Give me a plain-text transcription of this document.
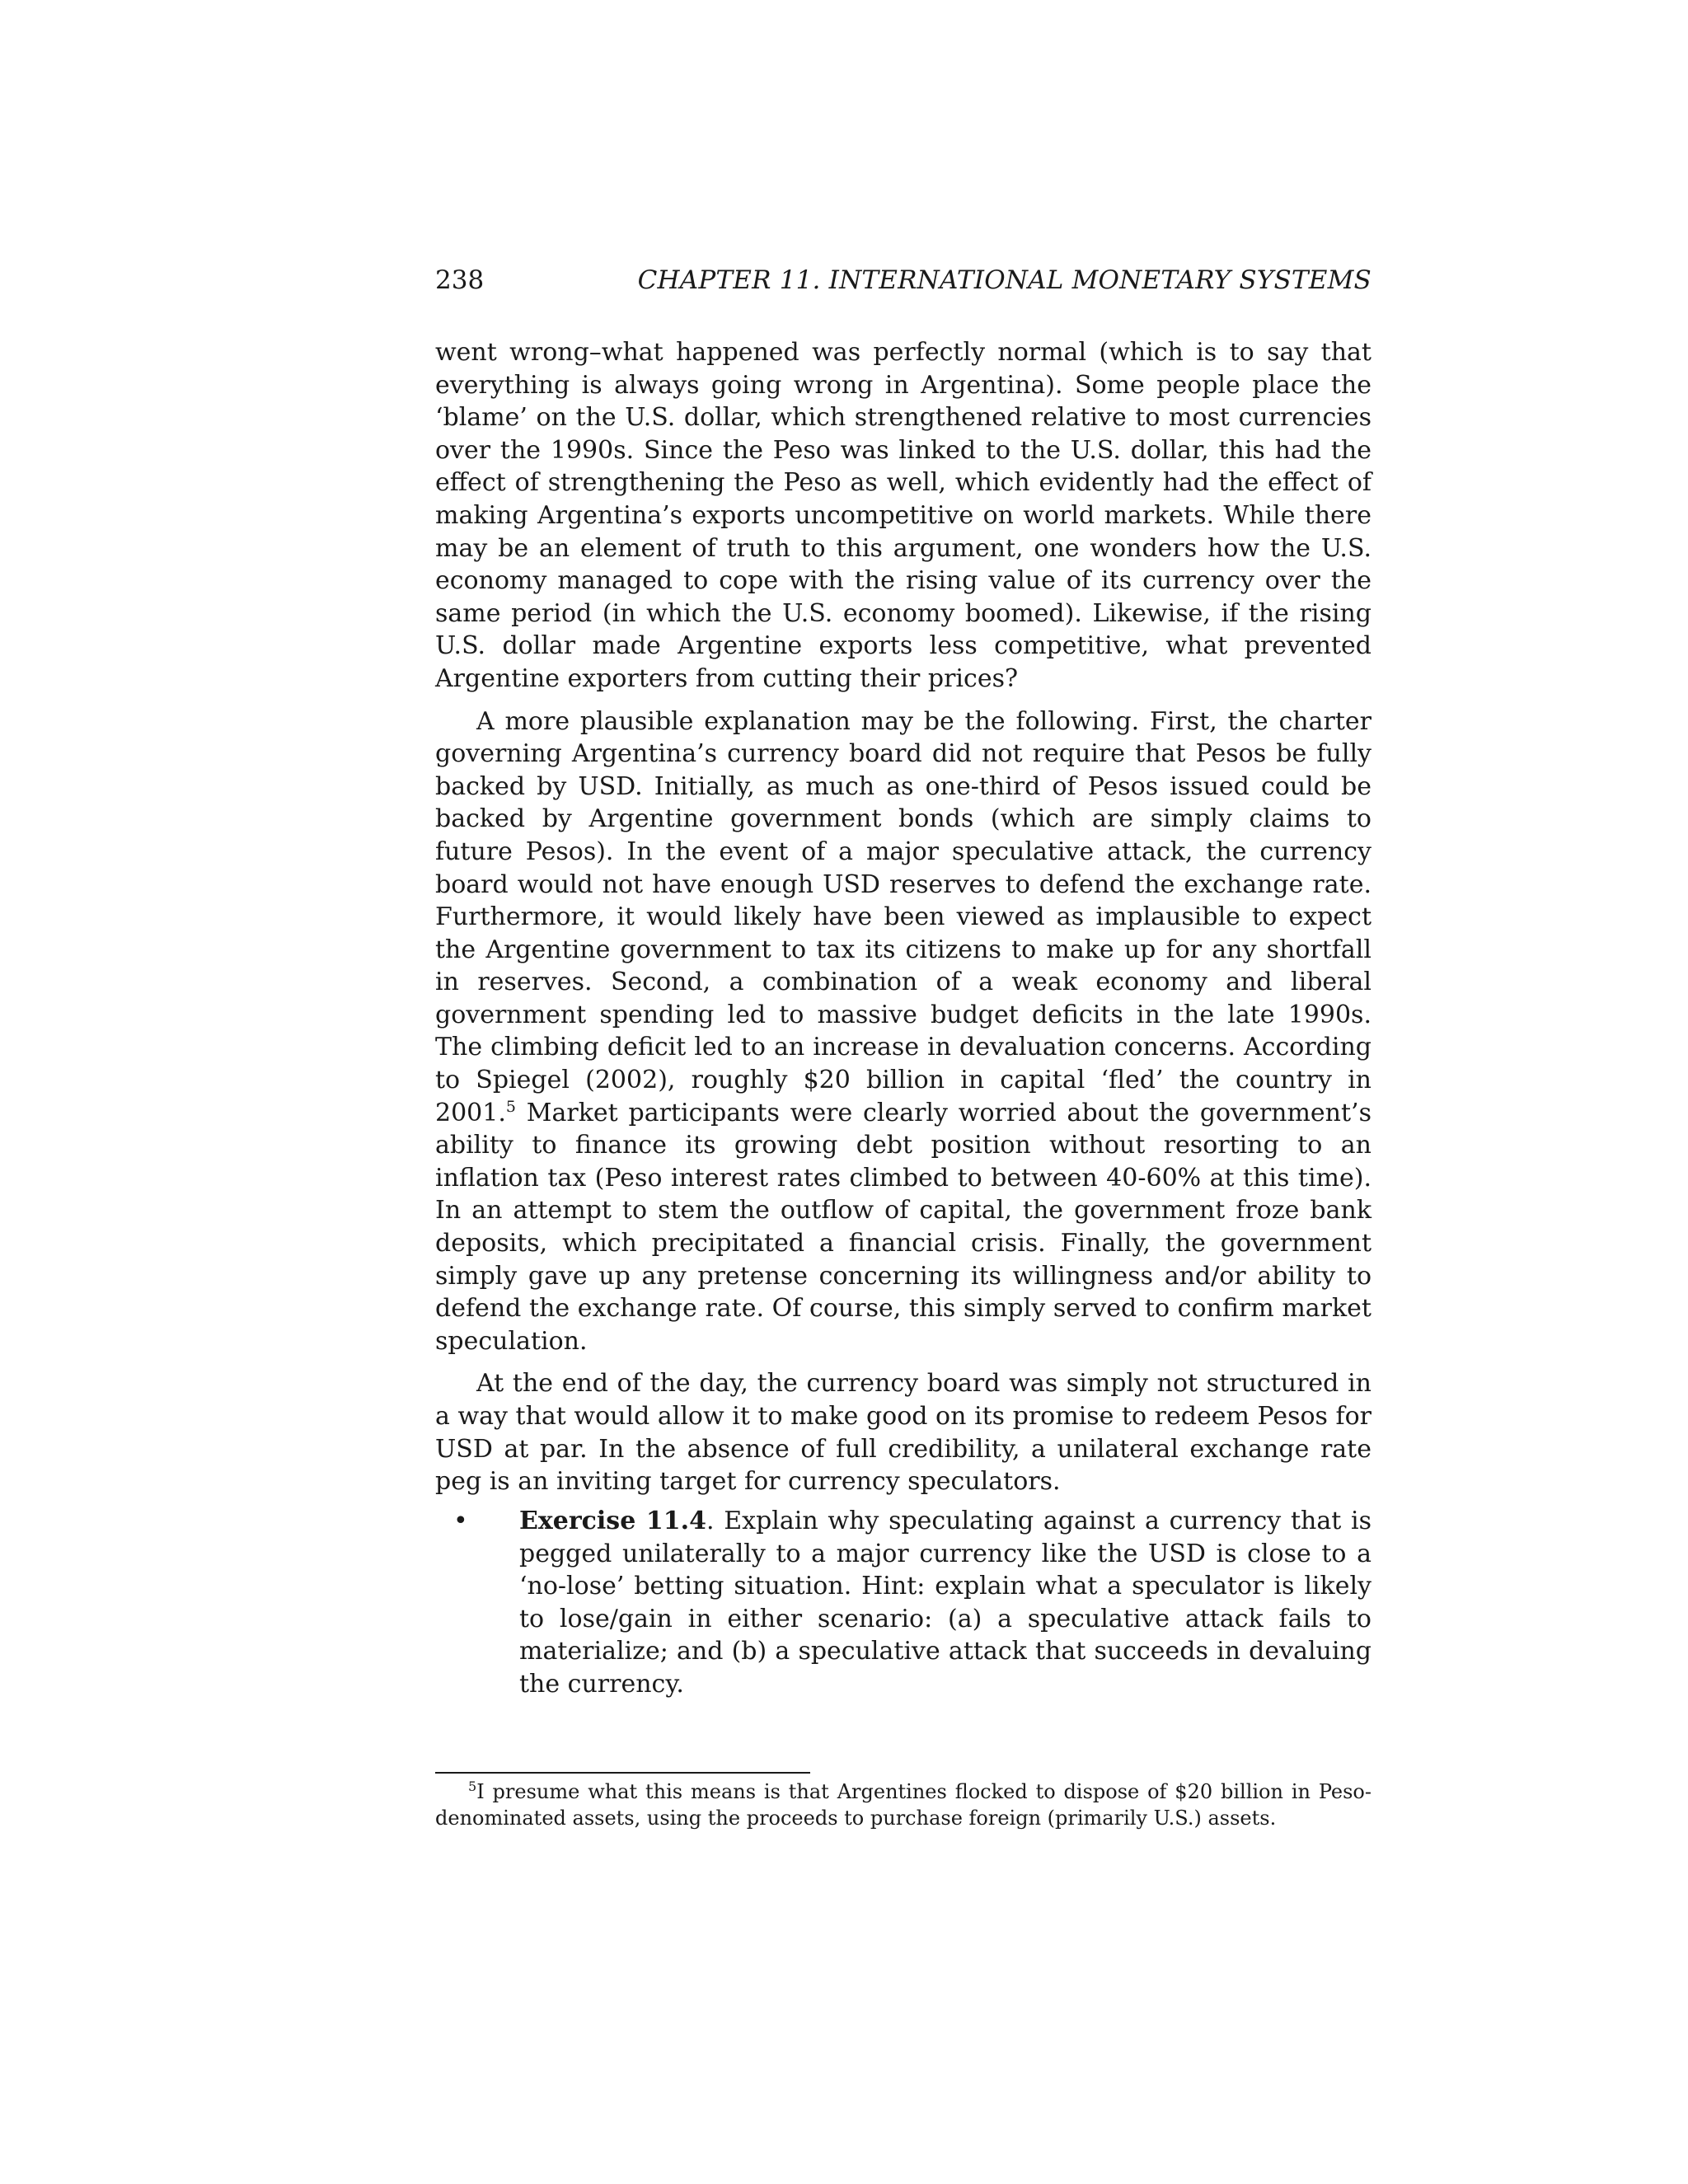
238	CHAPTER 11. INTERNATIONAL MONETARY SYSTEMS

went wrong–what happened was perfectly normal (which is to say that everything is always going wrong in Argentina). Some people place the ‘blame’ on the U.S. dollar, which strengthened relative to most currencies over the 1990s. Since the Peso was linked to the U.S. dollar, this had the effect of strengthening the Peso as well, which evidently had the effect of making Argentina’s exports uncompetitive on world markets. While there may be an element of truth to this argument, one wonders how the U.S. economy managed to cope with the rising value of its currency over the same period (in which the U.S. economy boomed). Likewise, if the rising U.S. dollar made Argentine exports less competitive, what prevented Argentine exporters from cutting their prices?

A more plausible explanation may be the following. First, the charter governing Argentina’s currency board did not require that Pesos be fully backed by USD. Initially, as much as one-third of Pesos issued could be backed by Argentine government bonds (which are simply claims to future Pesos). In the event of a major speculative attack, the currency board would not have enough USD reserves to defend the exchange rate. Furthermore, it would likely have been viewed as implausible to expect the Argentine government to tax its citizens to make up for any shortfall in reserves. Second, a combination of a weak economy and liberal government spending led to massive budget deficits in the late 1990s. The climbing deficit led to an increase in devaluation concerns. According to Spiegel (2002), roughly $20 billion in capital ‘fled’ the country in 2001.$^5$ Market participants were clearly worried about the government’s ability to finance its growing debt position without resorting to an inflation tax (Peso interest rates climbed to between 40-60% at this time). In an attempt to stem the outflow of capital, the government froze bank deposits, which precipitated a financial crisis. Finally, the government simply gave up any pretense concerning its willingness and/or ability to defend the exchange rate. Of course, this simply served to confirm market speculation.

At the end of the day, the currency board was simply not structured in a way that would allow it to make good on its promise to redeem Pesos for USD at par. In the absence of full credibility, a unilateral exchange rate peg is an inviting target for currency speculators.

• Exercise 11.4. Explain why speculating against a currency that is pegged unilaterally to a major currency like the USD is close to a ‘no-lose’ betting situation. Hint: explain what a speculator is likely to lose/gain in either scenario: (a) a speculative attack fails to materialize; and (b) a speculative attack that succeeds in devaluing the currency.
$^5$I presume what this means is that Argentines flocked to dispose of $20 billion in Peso-denominated assets, using the proceeds to purchase foreign (primarily U.S.) assets.
